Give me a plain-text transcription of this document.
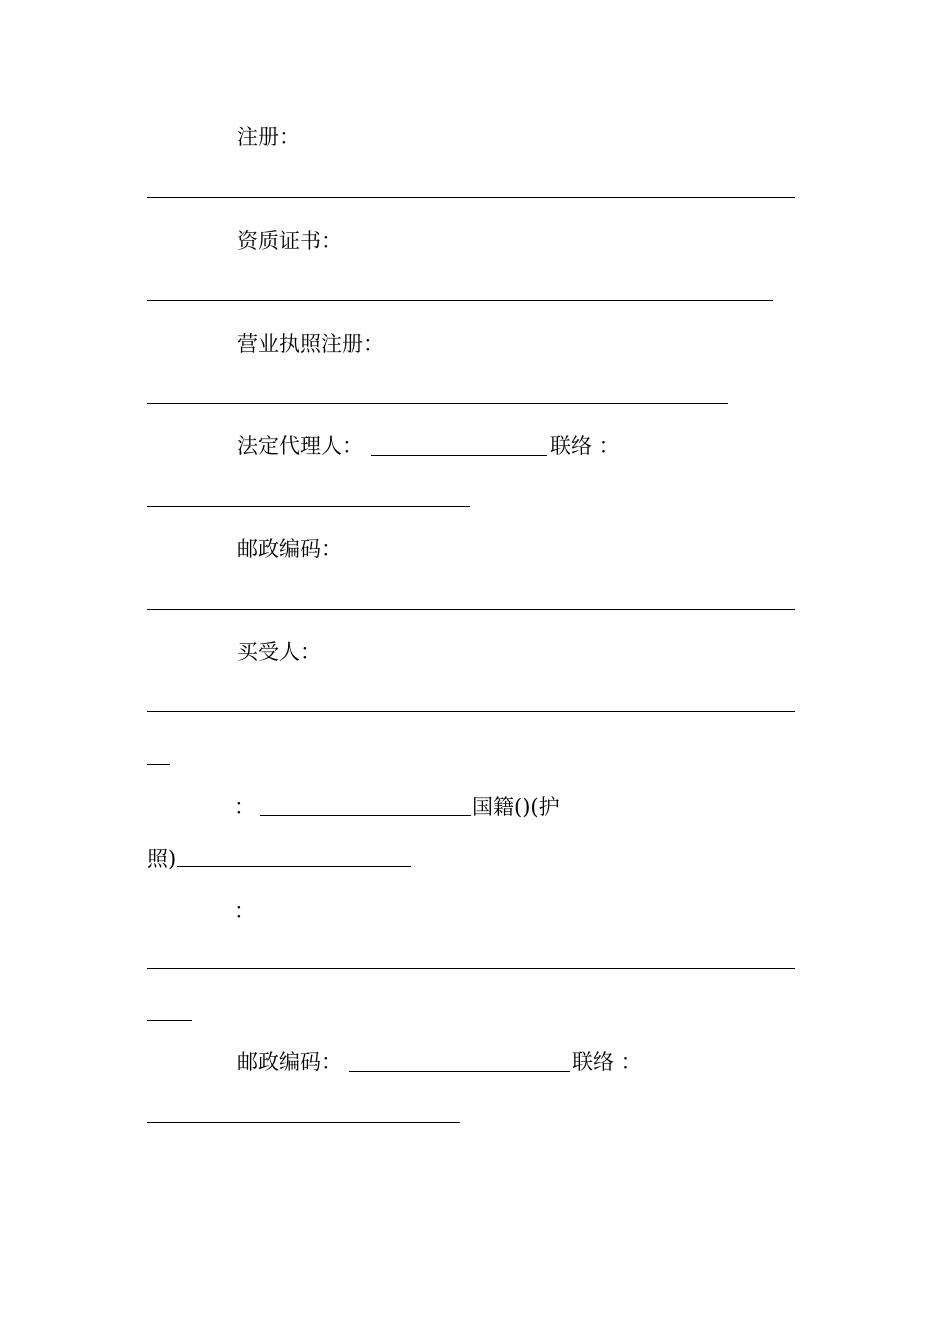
注册：
资质证书：
营业执照注册：
法定代理人：	联络 ：
邮政编码：
买受人：
：	国籍()(护
照)
：
邮政编码：	联络 ：
